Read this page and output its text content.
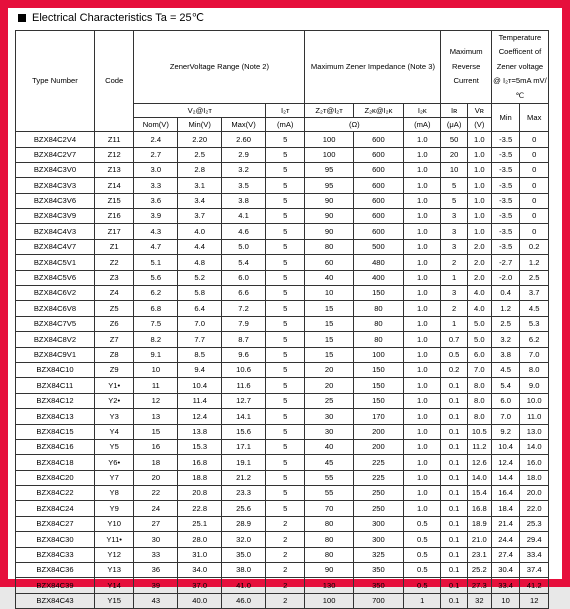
Electrical Characteristics Ta = 25℃
Type Number	Code	ZenerVoltage Range (Note 2)				Maximum Zener Impedance (Note 3)			Maximum Reverse Current		Temperature Coefficent of Zener voltage @ I₂ᴛ=5mA mV/℃	
		V₂@I₂ᴛ			I₂ᴛ	Z₂ᴛ@I₂ᴛ	Z₂ᴋ@I₂ᴋ	I₂ᴋ	Iʀ	Vʀ	Min	Max
		Nom(V)	Min(V)	Max(V)	(mA)	(Ω)		(mA)	(μA)	(V)		
BZX84C2V4	Z11	2.4	2.20	2.60	5	100	600	1.0	50	1.0	-3.5	0
BZX84C2V7	Z12	2.7	2.5	2.9	5	100	600	1.0	20	1.0	-3.5	0
BZX84C3V0	Z13	3.0	2.8	3.2	5	95	600	1.0	10	1.0	-3.5	0
BZX84C3V3	Z14	3.3	3.1	3.5	5	95	600	1.0	5	1.0	-3.5	0
BZX84C3V6	Z15	3.6	3.4	3.8	5	90	600	1.0	5	1.0	-3.5	0
BZX84C3V9	Z16	3.9	3.7	4.1	5	90	600	1.0	3	1.0	-3.5	0
BZX84C4V3	Z17	4.3	4.0	4.6	5	90	600	1.0	3	1.0	-3.5	0
BZX84C4V7	Z1	4.7	4.4	5.0	5	80	500	1.0	3	2.0	-3.5	0.2
BZX84C5V1	Z2	5.1	4.8	5.4	5	60	480	1.0	2	2.0	-2.7	1.2
BZX84C5V6	Z3	5.6	5.2	6.0	5	40	400	1.0	1	2.0	-2.0	2.5
BZX84C6V2	Z4	6.2	5.8	6.6	5	10	150	1.0	3	4.0	0.4	3.7
BZX84C6V8	Z5	6.8	6.4	7.2	5	15	80	1.0	2	4.0	1.2	4.5
BZX84C7V5	Z6	7.5	7.0	7.9	5	15	80	1.0	1	5.0	2.5	5.3
BZX84C8V2	Z7	8.2	7.7	8.7	5	15	80	1.0	0.7	5.0	3.2	6.2
BZX84C9V1	Z8	9.1	8.5	9.6	5	15	100	1.0	0.5	6.0	3.8	7.0
BZX84C10	Z9	10	9.4	10.6	5	20	150	1.0	0.2	7.0	4.5	8.0
BZX84C11	Y1•	11	10.4	11.6	5	20	150	1.0	0.1	8.0	5.4	9.0
BZX84C12	Y2•	12	11.4	12.7	5	25	150	1.0	0.1	8.0	6.0	10.0
BZX84C13	Y3	13	12.4	14.1	5	30	170	1.0	0.1	8.0	7.0	11.0
BZX84C15	Y4	15	13.8	15.6	5	30	200	1.0	0.1	10.5	9.2	13.0
BZX84C16	Y5	16	15.3	17.1	5	40	200	1.0	0.1	11.2	10.4	14.0
BZX84C18	Y6•	18	16.8	19.1	5	45	225	1.0	0.1	12.6	12.4	16.0
BZX84C20	Y7	20	18.8	21.2	5	55	225	1.0	0.1	14.0	14.4	18.0
BZX84C22	Y8	22	20.8	23.3	5	55	250	1.0	0.1	15.4	16.4	20.0
BZX84C24	Y9	24	22.8	25.6	5	70	250	1.0	0.1	16.8	18.4	22.0
BZX84C27	Y10	27	25.1	28.9	2	80	300	0.5	0.1	18.9	21.4	25.3
BZX84C30	Y11•	30	28.0	32.0	2	80	300	0.5	0.1	21.0	24.4	29.4
BZX84C33	Y12	33	31.0	35.0	2	80	325	0.5	0.1	23.1	27.4	33.4
BZX84C36	Y13	36	34.0	38.0	2	90	350	0.5	0.1	25.2	30.4	37.4
BZX84C39	Y14	39	37.0	41.0	2	130	350	0.5	0.1	27.3	33.4	41.2
BZX84C43	Y15	43	40.0	46.0	2	100	700	1	0.1	32	10	12
